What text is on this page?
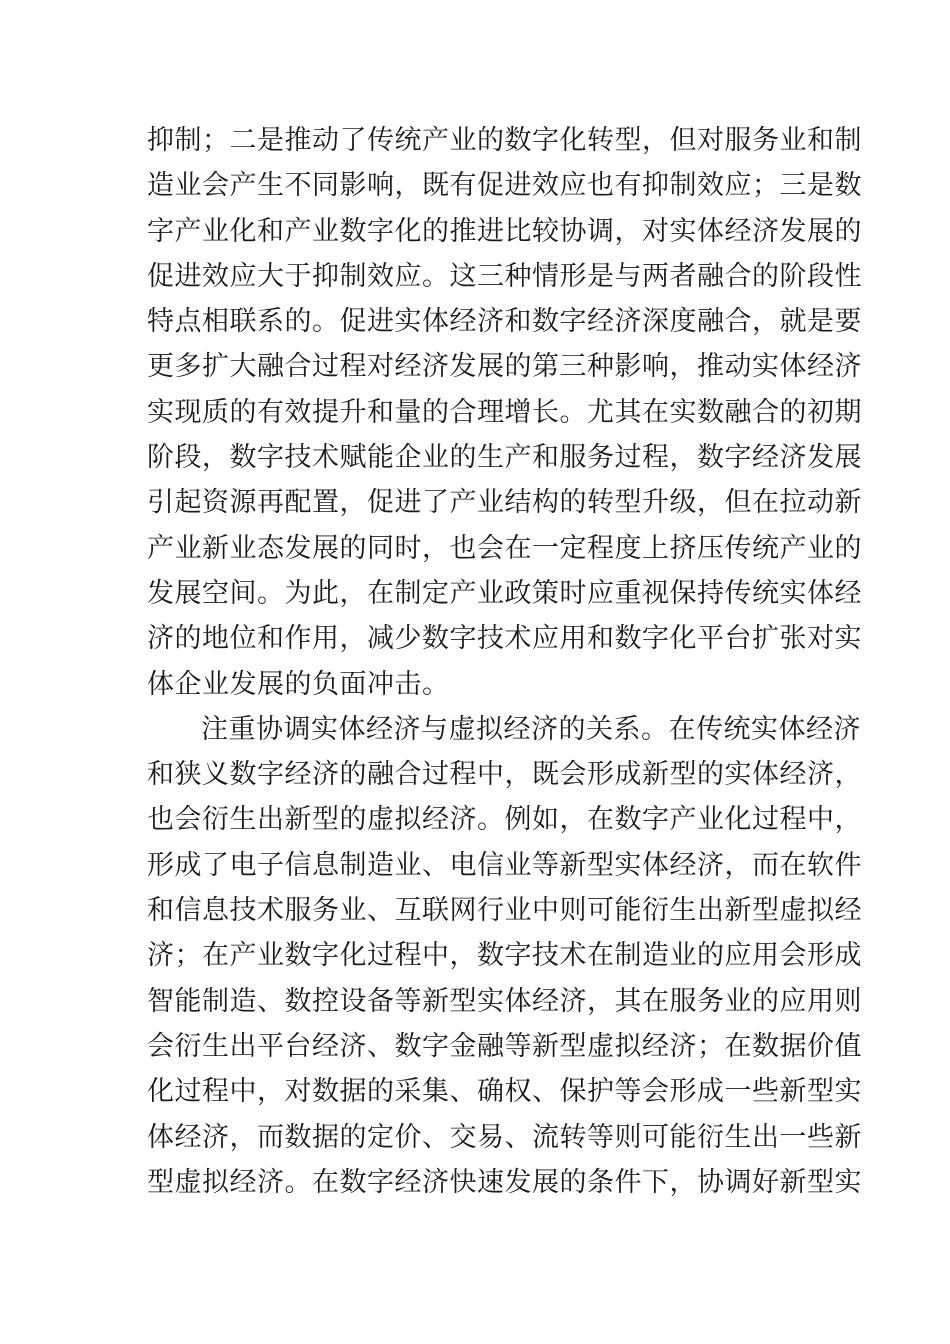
抑制；二是推动了传统产业的数字化转型，但对服务业和制
造业会产生不同影响，既有促进效应也有抑制效应；三是数
字产业化和产业数字化的推进比较协调，对实体经济发展的
促进效应大于抑制效应。这三种情形是与两者融合的阶段性
特点相联系的。促进实体经济和数字经济深度融合，就是要
更多扩大融合过程对经济发展的第三种影响，推动实体经济
实现质的有效提升和量的合理增长。尤其在实数融合的初期
阶段，数字技术赋能企业的生产和服务过程，数字经济发展
引起资源再配置，促进了产业结构的转型升级，但在拉动新
产业新业态发展的同时，也会在一定程度上挤压传统产业的
发展空间。为此，在制定产业政策时应重视保持传统实体经
济的地位和作用，减少数字技术应用和数字化平台扩张对实
体企业发展的负面冲击。
注重协调实体经济与虚拟经济的关系。在传统实体经济
和狭义数字经济的融合过程中，既会形成新型的实体经济，
也会衍生出新型的虚拟经济。例如，在数字产业化过程中，
形成了电子信息制造业、电信业等新型实体经济，而在软件
和信息技术服务业、互联网行业中则可能衍生出新型虚拟经
济；在产业数字化过程中，数字技术在制造业的应用会形成
智能制造、数控设备等新型实体经济，其在服务业的应用则
会衍生出平台经济、数字金融等新型虚拟经济；在数据价值
化过程中，对数据的采集、确权、保护等会形成一些新型实
体经济，而数据的定价、交易、流转等则可能衍生出一些新
型虚拟经济。在数字经济快速发展的条件下，协调好新型实
